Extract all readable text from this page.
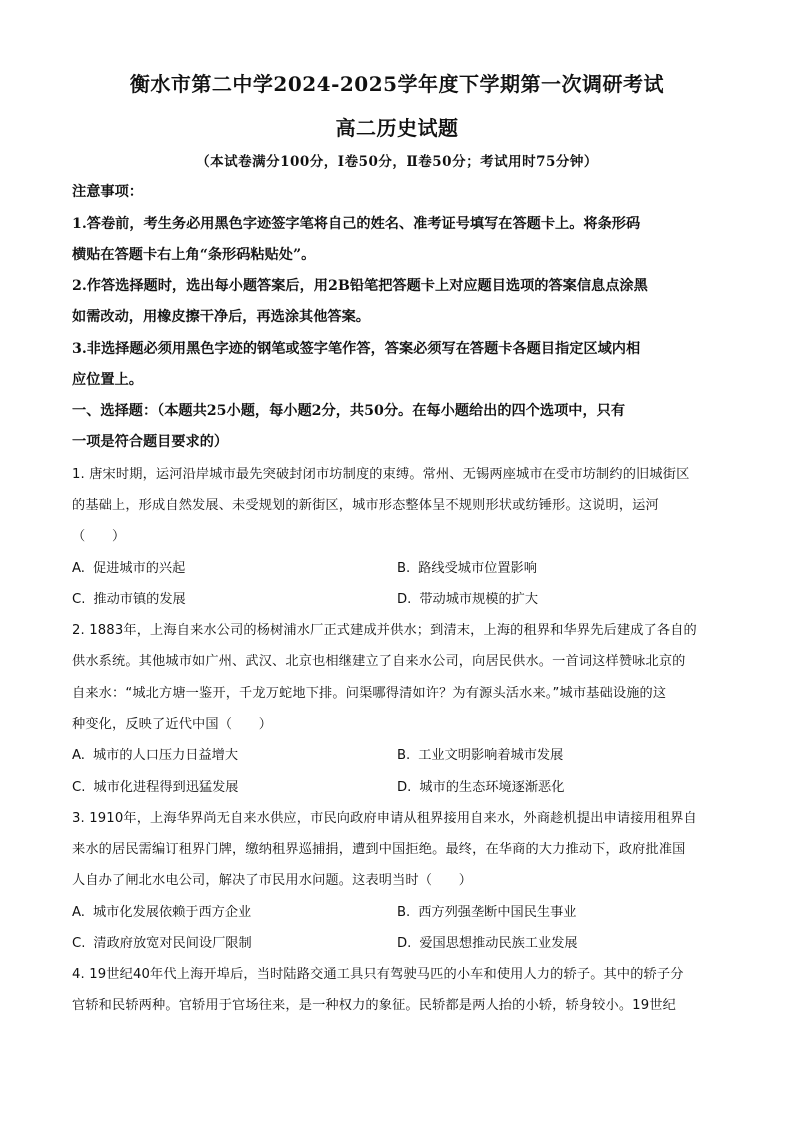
衡水市第二中学2024-2025学年度下学期第一次调研考试
高二历史试题
（本试卷满分100分，Ⅰ卷50分，Ⅱ卷50分；考试用时75分钟）
注意事项：
1.答卷前，考生务必用黑色字迹签字笔将自己的姓名、准考证号填写在答题卡上。将条形码
横贴在答题卡右上角“条形码粘贴处”。
2.作答选择题时，选出每小题答案后，用2B铅笔把答题卡上对应题目选项的答案信息点涂黑
如需改动，用橡皮擦干净后，再选涂其他答案。
3.非选择题必须用黑色字迹的钢笔或签字笔作答，答案必须写在答题卡各题目指定区域内相
应位置上。
一、选择题：（本题共25小题，每小题2分，共50分。在每小题给出的四个选项中，只有
一项是符合题目要求的）
1. 唐宋时期，运河沿岸城市最先突破封闭市坊制度的束缚。常州、无锡两座城市在受市坊制约的旧城街区
的基础上，形成自然发展、未受规划的新街区，城市形态整体呈不规则形状或纺锤形。这说明，运河
（　　）
A. 促进城市的兴起	B. 路线受城市位置影响
C. 推动市镇的发展	D. 带动城市规模的扩大
2. 1883年，上海自来水公司的杨树浦水厂正式建成并供水；到清末，上海的租界和华界先后建成了各自的
供水系统。其他城市如广州、武汉、北京也相继建立了自来水公司，向居民供水。一首词这样赞咏北京的
自来水：“城北方塘一鉴开，千龙万蛇地下排。问渠哪得清如许？为有源头活水来。”城市基础设施的这
种变化，反映了近代中国（　　）
A. 城市的人口压力日益增大	B. 工业文明影响着城市发展
C. 城市化进程得到迅猛发展	D. 城市的生态环境逐渐恶化
3. 1910年，上海华界尚无自来水供应，市民向政府申请从租界接用自来水，外商趁机提出申请接用租界自
来水的居民需编订租界门牌，缴纳租界巡捕捐，遭到中国拒绝。最终，在华商的大力推动下，政府批准国
人自办了闸北水电公司，解决了市民用水问题。这表明当时（　　）
A. 城市化发展依赖于西方企业	B. 西方列强垄断中国民生事业
C. 清政府放宽对民间设厂限制	D. 爱国思想推动民族工业发展
4. 19世纪40年代上海开埠后，当时陆路交通工具只有驾驶马匹的小车和使用人力的轿子。其中的轿子分
官轿和民轿两种。官轿用于官场往来，是一种权力的象征。民轿都是两人抬的小轿，轿身较小。19世纪
